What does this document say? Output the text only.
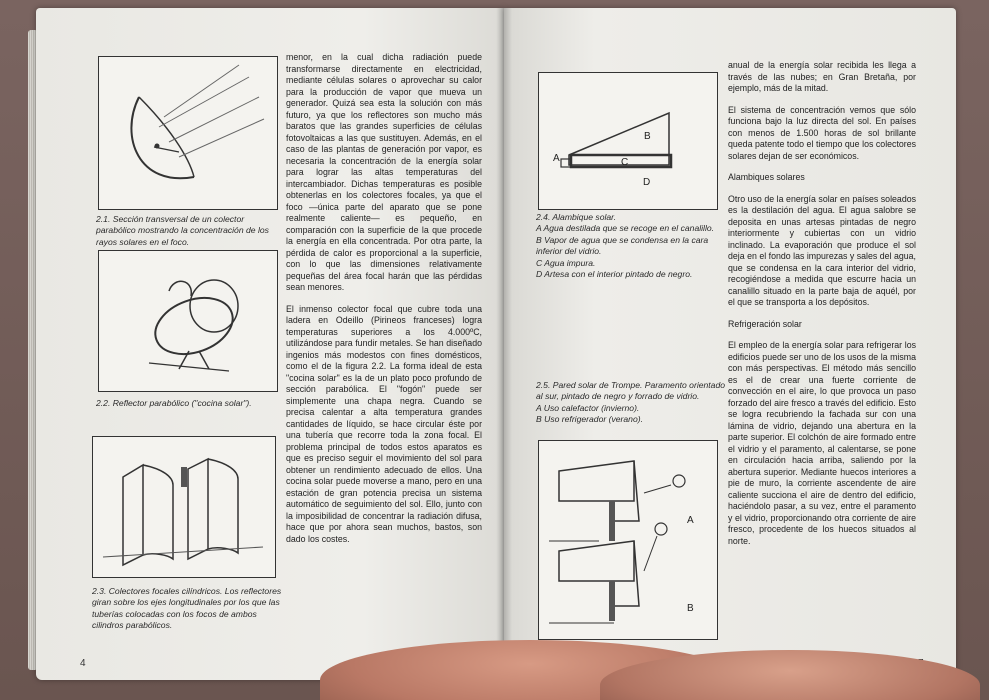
2.1. Sección transversal de un colector parabólico mostrando la concentración de los rayos solares en el foco.
2.2. Reflector parabólico ("cocina solar").
2.3. Colectores focales cilíndricos. Los reflectores giran sobre los ejes longitudinales por los que las tuberías colocadas con los focos de ambos cilindros parabólicos.

menor, en la cual dicha radiación puede transformarse directamente en electricidad, mediante células solares o aprovechar su calor para la producción de vapor que mueva un generador. Quizá sea esta la solución con más futuro, ya que los reflectores son mucho más baratos que las grandes superficies de células fotovoltaicas a las que sustituyen. Además, en el caso de las plantas de generación por vapor, es necesaria la concentración de la energía solar para lograr las altas temperaturas del intercambiador. Dichas temperaturas es posible obtenerlas en los colectores focales, ya que el foco —única parte del aparato que se pone realmente caliente— es pequeño, en comparación con la superficie de la que procede la energía en ella concentrada. Por otra parte, la pérdida de calor es proporcional a la superficie, con lo que las dimensiones relativamente pequeñas del área focal harán que las pérdidas sean menores.

El inmenso colector focal que cubre toda una ladera en Odeillo (Pirineos franceses) logra temperaturas superiores a los 4.000ºC, utilizándose para fundir metales. Se han diseñado ingenios más modestos con fines domésticos, como el de la figura 2.2. La forma ideal de esta "cocina solar" es la de un plato poco profundo de sección parabólica. El "fogón" puede ser simplemente una chapa negra. Cuando se precisa calentar a alta temperatura grandes cantidades de líquido, se hace circular éste por una tubería que recorre toda la zona focal. El problema principal de todos estos aparatos es que es preciso seguir el movimiento del sol para obtener un rendimiento adecuado de ellos. Una cocina solar puede moverse a mano, pero en una estación de gran potencia precisa un sistema automático de seguimiento del sol. Ello, junto con la imposibilidad de concentrar la radiación difusa, hace que por ahora sean muchos, bastos, son dado los costes.

4
A
B
C
D
2.4. Alambique solar.
A Agua destilada que se recoge en el canalillo.
B Vapor de agua que se condensa en la cara inferior del vidrio.
C Agua impura.
D Artesa con el interior pintado de negro.
2.5. Pared solar de Trompe. Paramento orientado al sur, pintado de negro y forrado de vidrio.
A Uso calefactor (invierno).
B Uso refrigerador (verano).
A
B

anual de la energía solar recibida les llega a través de las nubes; en Gran Bretaña, por ejemplo, más de la mitad.

El sistema de concentración vemos que sólo funciona bajo la luz directa del sol. En países con menos de 1.500 horas de sol brillante queda patente todo el tiempo que los colectores solares dejan de ser económicos.

Alambiques solares

Otro uso de la energía solar en países soleados es la destilación del agua. El agua salobre se deposita en unas artesas pintadas de negro interiormente y cubiertas con un vidrio inclinado. La evaporación que produce el sol deja en el fondo las impurezas y sales del agua, que se condensa en la cara interior del vidrio, recogiéndose a medida que escurre hacia un canalillo situado en la parte baja de aquél, por el que se transporta a los depósitos.

Refrigeración solar

El empleo de la energía solar para refrigerar los edificios puede ser uno de los usos de la misma con más perspectivas. El método más sencillo es el de crear una fuerte corriente de convección en el aire, lo que provoca un paso forzado del aire fresco a través del edificio. Esto se logra recubriendo la fachada sur con una lámina de vidrio, dejando una abertura en la parte superior. El colchón de aire formado entre el vidrio y el paramento, al calentarse, se pone en circulación hacia arriba, saliendo por la abertura superior. Mediante huecos interiores a pie de muro, la corriente ascendente de aire caliente succiona el aire de dentro del edificio, haciéndolo pasar, a su vez, entre el paramento y el vidrio, proporcionando otra corriente de aire fresco, procedente de los huecos situados al norte.
